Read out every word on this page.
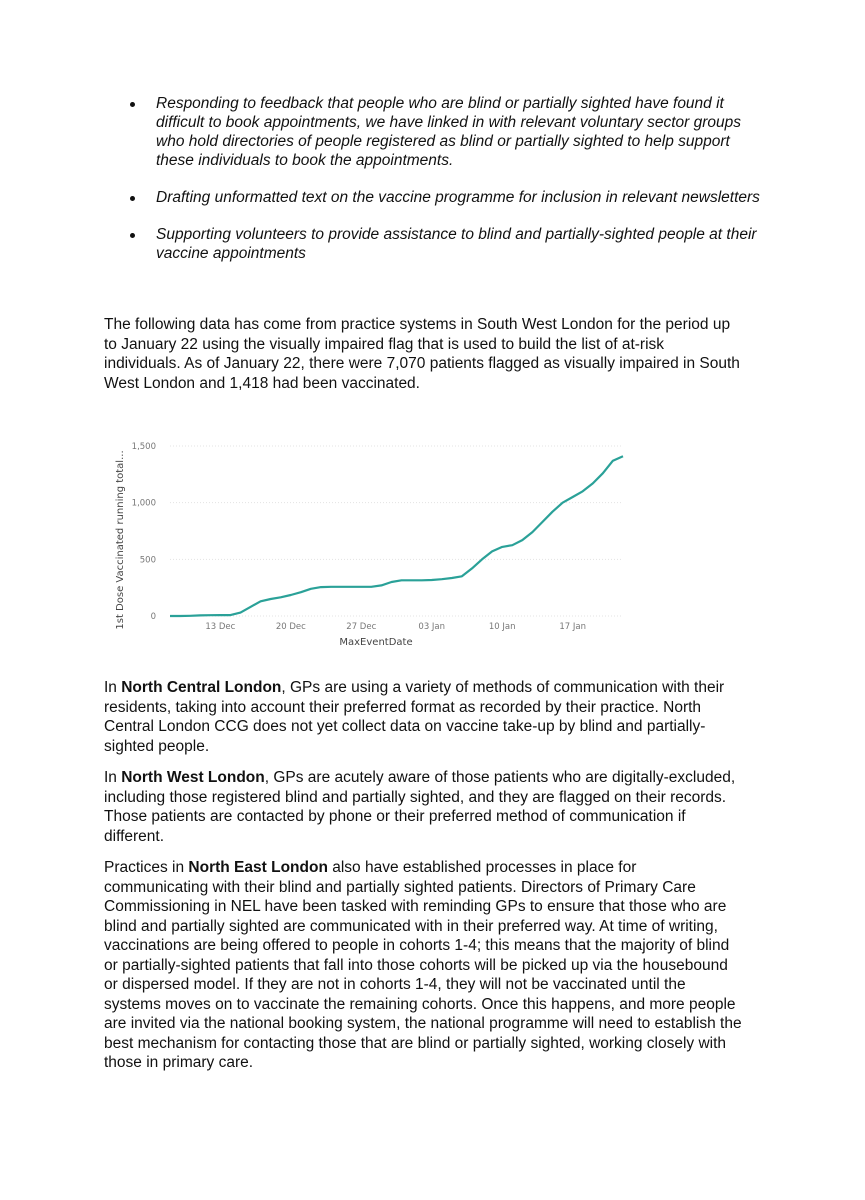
Responding to feedback that people who are blind or partially sighted have found it difficult to book appointments, we have linked in with relevant voluntary sector groups who hold directories of people registered as blind or partially sighted to help support these individuals to book the appointments.
Drafting unformatted text on the vaccine programme for inclusion in relevant newsletters
Supporting volunteers to provide assistance to blind and partially-sighted people at their vaccine appointments

The following data has come from practice systems in South West London for the period up to January 22 using the visually impaired flag that is used to build the list of at-risk individuals. As of January 22, there were 7,070 patients flagged as visually impaired in South West London and 1,418 had been vaccinated.

0
500
1,000
1,500
13 Dec	20 Dec	27 Dec	03 Jan	10 Jan	17 Jan
1st Dose Vaccinated running total...
MaxEventDate

In North Central London, GPs are using a variety of methods of communication with their residents, taking into account their preferred format as recorded by their practice. North Central London CCG does not yet collect data on vaccine take-up by blind and partially-sighted people.

In North West London, GPs are acutely aware of those patients who are digitally-excluded, including those registered blind and partially sighted, and they are flagged on their records. Those patients are contacted by phone or their preferred method of communication if different.

Practices in North East London also have established processes in place for communicating with their blind and partially sighted patients. Directors of Primary Care Commissioning in NEL have been tasked with reminding GPs to ensure that those who are blind and partially sighted are communicated with in their preferred way. At time of writing, vaccinations are being offered to people in cohorts 1-4; this means that the majority of blind or partially-sighted patients that fall into those cohorts will be picked up via the housebound or dispersed model. If they are not in cohorts 1-4, they will not be vaccinated until the systems moves on to vaccinate the remaining cohorts. Once this happens, and more people are invited via the national booking system, the national programme will need to establish the best mechanism for contacting those that are blind or partially sighted, working closely with those in primary care.
